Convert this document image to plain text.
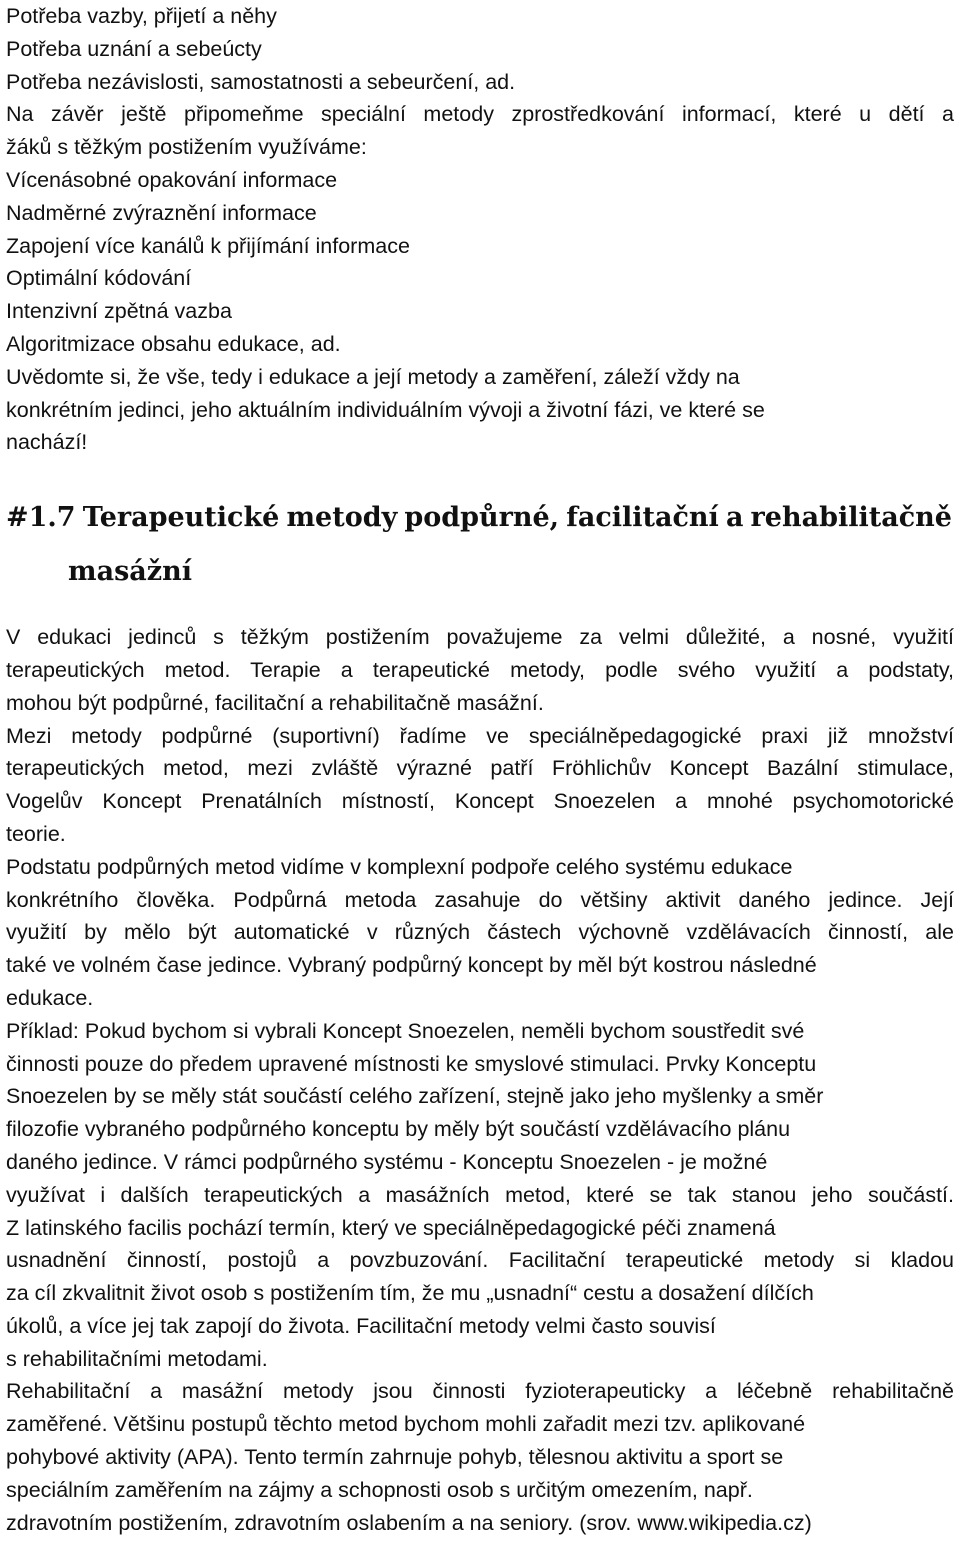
Potřeba vazby, přijetí a něhy
Potřeba uznání a sebeúcty
Potřeba nezávislosti, samostatnosti a sebeurčení, ad.
Na závěr ještě připomeňme speciální metody zprostředkování informací, které u dětí a
žáků s těžkým postižením využíváme:
Vícenásobné opakování informace
Nadměrné zvýraznění informace
Zapojení více kanálů k přijímání informace
Optimální kódování
Intenzivní zpětná vazba
Algoritmizace obsahu edukace, ad.
Uvědomte si, že vše, tedy i edukace a její metody a zaměření, záleží vždy na
konkrétním jedinci, jeho aktuálním individuálním vývoji a životní fázi, ve které se
nachází!
#1.7 Terapeutické metody podpůrné, facilitační a rehabilitačně
masážní
V edukaci jedinců s těžkým postižením považujeme za velmi důležité, a nosné, využití
terapeutických metod. Terapie a terapeutické metody, podle svého využití a podstaty,
mohou být podpůrné, facilitační a rehabilitačně masážní.
Mezi metody podpůrné (suportivní) řadíme ve speciálněpedagogické praxi již množství
terapeutických metod, mezi zvláště výrazné patří Fröhlichův Koncept Bazální stimulace,
Vogelův Koncept Prenatálních místností, Koncept Snoezelen a mnohé psychomotorické
teorie.
Podstatu podpůrných metod vidíme v komplexní podpoře celého systému edukace
konkrétního člověka. Podpůrná metoda zasahuje do většiny aktivit daného jedince. Její
využití by mělo být automatické v různých částech výchovně vzdělávacích činností, ale
také ve volném čase jedince. Vybraný podpůrný koncept by měl být kostrou následné
edukace.
Příklad: Pokud bychom si vybrali Koncept Snoezelen, neměli bychom soustředit své
činnosti pouze do předem upravené místnosti ke smyslové stimulaci. Prvky Konceptu
Snoezelen by se měly stát součástí celého zařízení, stejně jako jeho myšlenky a směr
filozofie vybraného podpůrného konceptu by měly být součástí vzdělávacího plánu
daného jedince. V rámci podpůrného systému - Konceptu Snoezelen - je možné
využívat i dalších terapeutických a masážních metod, které se tak stanou jeho součástí.
Z latinského facilis pochází termín, který ve speciálněpedagogické péči znamená
usnadnění činností, postojů a povzbuzování. Facilitační terapeutické metody si kladou
za cíl zkvalitnit život osob s postižením tím, že mu „usnadní“ cestu a dosažení dílčích
úkolů, a více jej tak zapojí do života. Facilitační metody velmi často souvisí
s rehabilitačními metodami.
Rehabilitační a masážní metody jsou činnosti fyzioterapeuticky a léčebně rehabilitačně
zaměřené. Většinu postupů těchto metod bychom mohli zařadit mezi tzv. aplikované
pohybové aktivity (APA). Tento termín zahrnuje pohyb, tělesnou aktivitu a sport se
speciálním zaměřením na zájmy a schopnosti osob s určitým omezením, např.
zdravotním postižením, zdravotním oslabením a na seniory. (srov. www.wikipedia.cz)
